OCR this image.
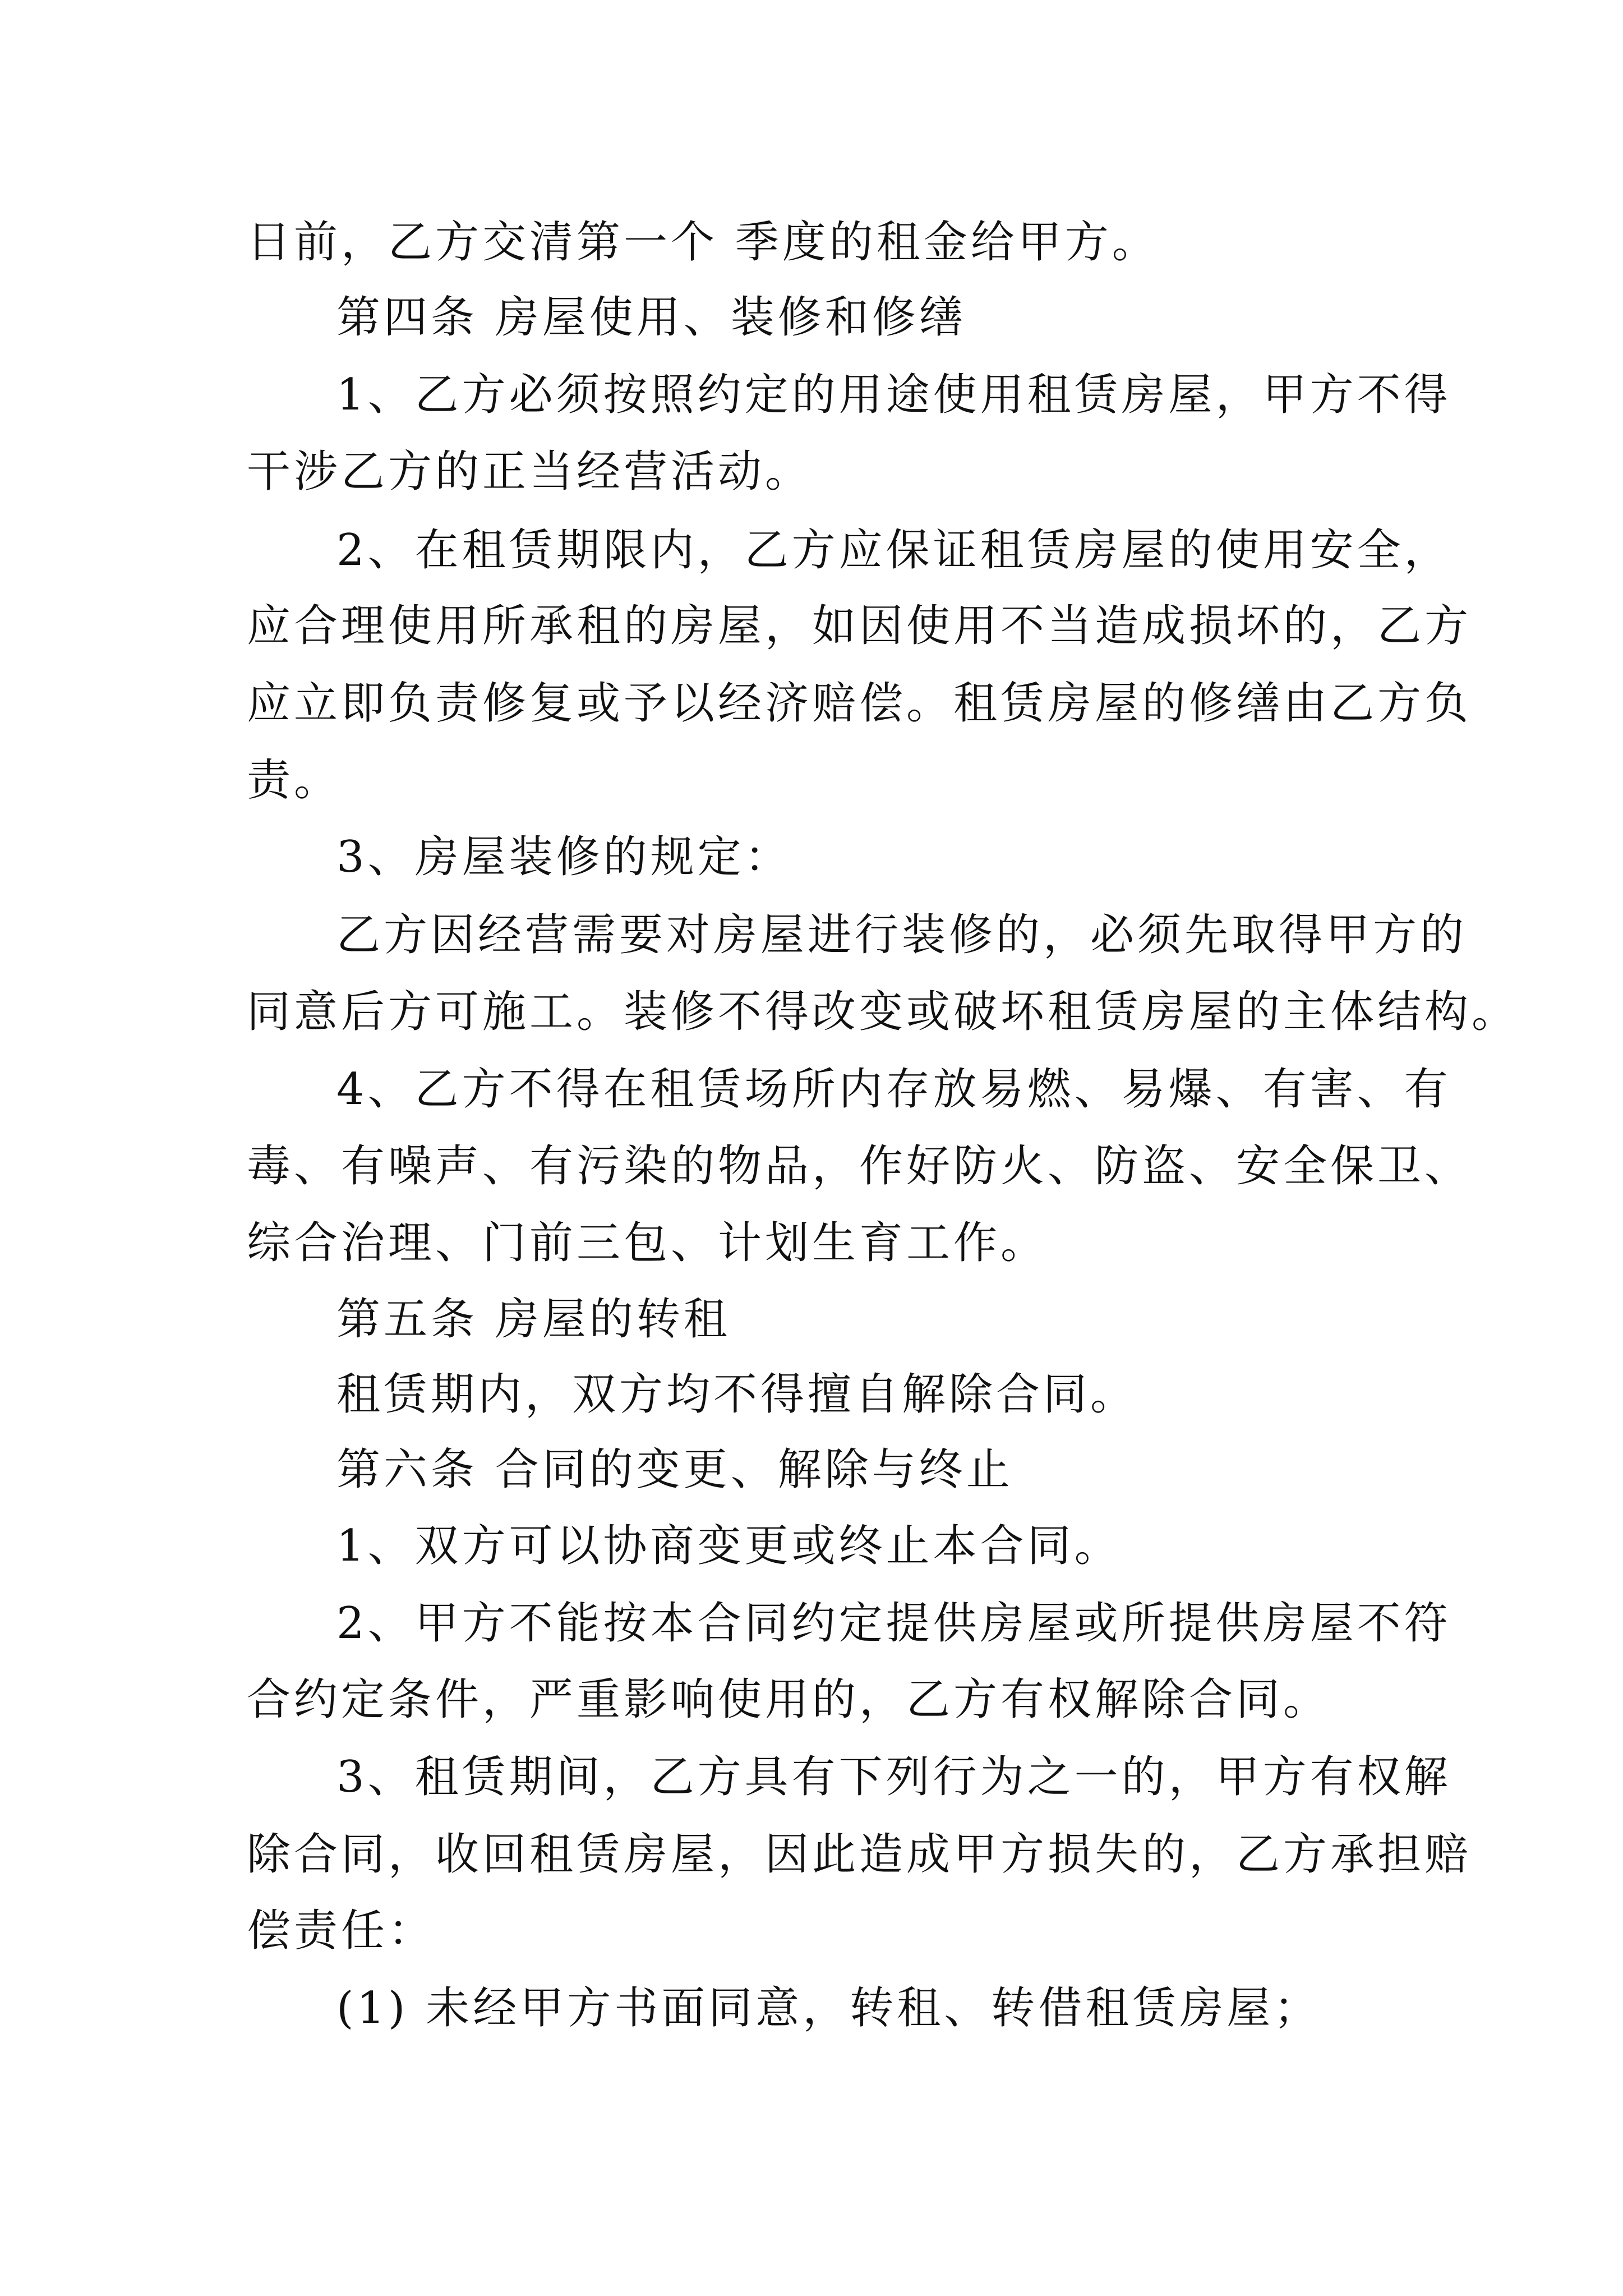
日前，乙方交清第一个 季度的租金给甲方。
第四条 房屋使用、装修和修缮
1、乙方必须按照约定的用途使用租赁房屋，甲方不得
干涉乙方的正当经营活动。
2、在租赁期限内，乙方应保证租赁房屋的使用安全，
应合理使用所承租的房屋，如因使用不当造成损坏的，乙方
应立即负责修复或予以经济赔偿。租赁房屋的修缮由乙方负
责。
3、房屋装修的规定：
乙方因经营需要对房屋进行装修的，必须先取得甲方的
同意后方可施工。装修不得改变或破坏租赁房屋的主体结构。
4、乙方不得在租赁场所内存放易燃、易爆、有害、有
毒、有噪声、有污染的物品，作好防火、防盗、安全保卫、
综合治理、门前三包、计划生育工作。
第五条 房屋的转租
租赁期内，双方均不得擅自解除合同。
第六条 合同的变更、解除与终止
1、双方可以协商变更或终止本合同。
2、甲方不能按本合同约定提供房屋或所提供房屋不符
合约定条件，严重影响使用的，乙方有权解除合同。
3、租赁期间，乙方具有下列行为之一的，甲方有权解
除合同，收回租赁房屋，因此造成甲方损失的，乙方承担赔
偿责任：
(1) 未经甲方书面同意，转租、转借租赁房屋；
